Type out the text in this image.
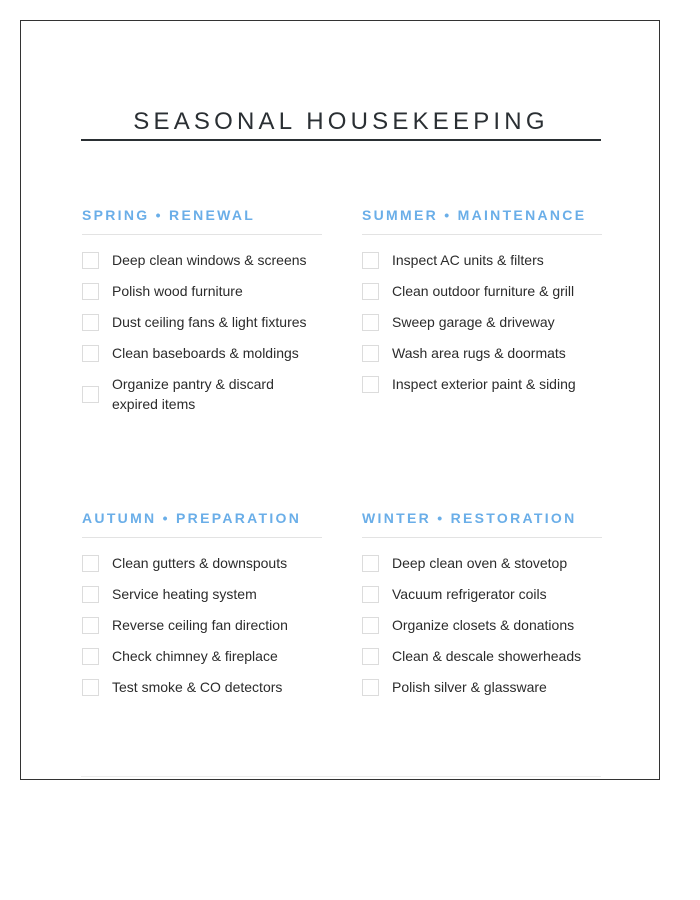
SEASONAL HOUSEKEEPING
SPRING • RENEWAL
Deep clean windows & screens
Polish wood furniture
Dust ceiling fans & light fixtures
Clean baseboards & moldings
Organize pantry & discard expired items
SUMMER • MAINTENANCE
Inspect AC units & filters
Clean outdoor furniture & grill
Sweep garage & driveway
Wash area rugs & doormats
Inspect exterior paint & siding
AUTUMN • PREPARATION
Clean gutters & downspouts
Service heating system
Reverse ceiling fan direction
Check chimney & fireplace
Test smoke & CO detectors
WINTER • RESTORATION
Deep clean oven & stovetop
Vacuum refrigerator coils
Organize closets & donations
Clean & descale showerheads
Polish silver & glassware
